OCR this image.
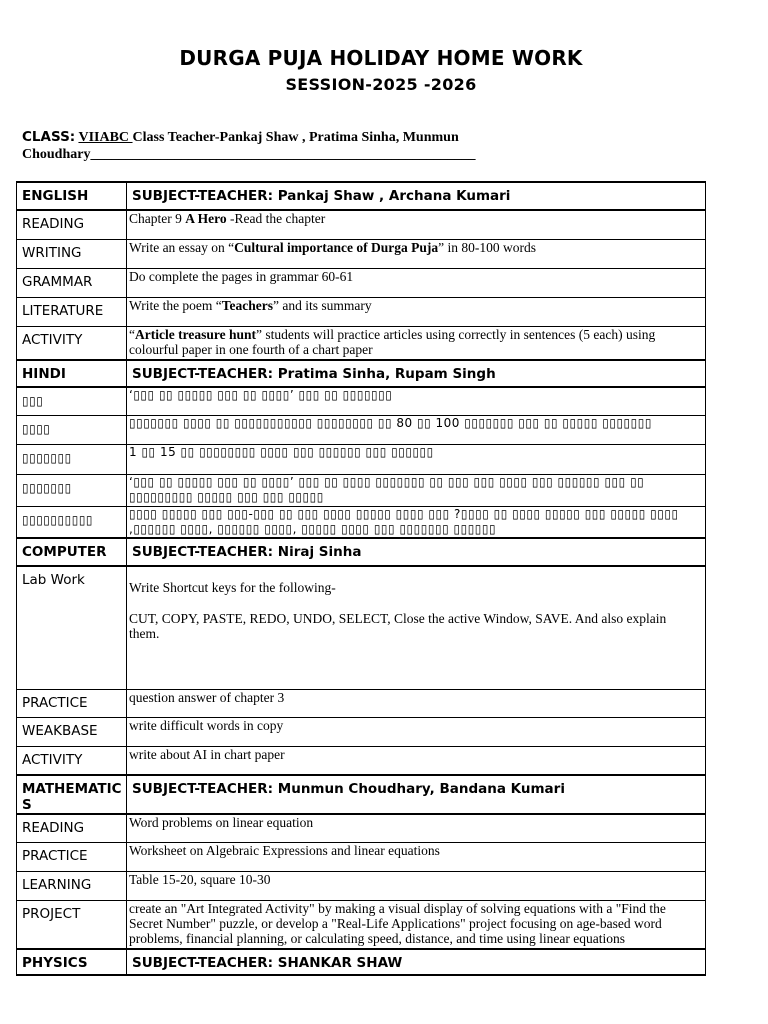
DURGA PUJA HOLIDAY HOME WORK
SESSION-2025 -2026
CLASS: VIIABC Class Teacher-Pankaj Shaw , Pratima Sinha, Munmun Choudhary_______________________________________________________
ENGLISH	SUBJECT-TEACHER: Pankaj Shaw , Archana Kumari
READING	Chapter 9 A Hero -Read the chapter
WRITING	Write an essay on “Cultural importance of Durga Puja” in 80-100 words
GRAMMAR	Do complete the pages in grammar 60-61
LITERATURE	Write the poem “Teachers” and its summary
ACTIVITY	“Article treasure hunt” students will practice articles using correctly in sentences (5 each) using colourful paper in one fourth of a chart paper
HINDI	SUBJECT-TEACHER: Pratima Sinha, Rupam Singh
▯▯▯	‘▯▯▯ ▯▯ ▯▯▯▯▯ ▯▯▯ ▯▯ ▯▯▯▯’ ▯▯▯ ▯▯ ▯▯▯▯▯▯▯
▯▯▯▯	▯▯▯▯▯▯▯ ▯▯▯▯ ▯▯ ▯▯▯▯▯▯▯▯▯▯▯ ▯▯▯▯▯▯▯▯ ▯▯ 80 ▯▯ 100 ▯▯▯▯▯▯▯ ▯▯▯ ▯▯ ▯▯▯▯▯ ▯▯▯▯▯▯▯
▯▯▯▯▯▯▯	1 ▯▯ 15 ▯▯ ▯▯▯▯▯▯▯▯ ▯▯▯▯ ▯▯▯ ▯▯▯▯▯▯ ▯▯▯ ▯▯▯▯▯▯
▯▯▯▯▯▯▯	‘▯▯▯ ▯▯ ▯▯▯▯▯ ▯▯▯ ▯▯ ▯▯▯▯’ ▯▯▯ ▯▯ ▯▯▯▯ ▯▯▯▯▯▯▯ ▯▯ ▯▯▯ ▯▯▯ ▯▯▯▯ ▯▯▯ ▯▯▯▯▯▯ ▯▯▯ ▯▯ ▯▯▯▯▯▯▯▯▯ ▯▯▯▯▯ ▯▯▯ ▯▯▯ ▯▯▯▯▯
▯▯▯▯▯▯▯▯▯▯	▯▯▯▯ ▯▯▯▯▯ ▯▯▯ ▯▯▯-▯▯▯ ▯▯ ▯▯▯ ▯▯▯▯ ▯▯▯▯▯ ▯▯▯▯ ▯▯▯ ?▯▯▯▯ ▯▯ ▯▯▯▯ ▯▯▯▯▯ ▯▯▯ ▯▯▯▯▯ ▯▯▯▯ ,▯▯▯▯▯▯ ▯▯▯▯, ▯▯▯▯▯▯ ▯▯▯▯, ▯▯▯▯▯ ▯▯▯▯ ▯▯▯ ▯▯▯▯▯▯▯ ▯▯▯▯▯▯
COMPUTER	SUBJECT-TEACHER: Niraj Sinha
Lab Work	Write Shortcut keys for the following-
CUT, COPY, PASTE, REDO, UNDO, SELECT, Close the active Window, SAVE. And also explain them.
PRACTICE	question answer of chapter 3
WEAKBASE	write difficult words in copy
ACTIVITY	write about AI in chart paper
MATHEMATICS	SUBJECT-TEACHER: Munmun Choudhary, Bandana Kumari
READING	Word problems on linear equation
PRACTICE	Worksheet on Algebraic Expressions and linear equations
LEARNING	Table 15-20, square 10-30
PROJECT	create an "Art Integrated Activity" by making a visual display of solving equations with a "Find the Secret Number" puzzle, or develop a "Real-Life Applications" project focusing on age-based word problems, financial planning, or calculating speed, distance, and time using linear equations
PHYSICS	SUBJECT-TEACHER: SHANKAR SHAW
